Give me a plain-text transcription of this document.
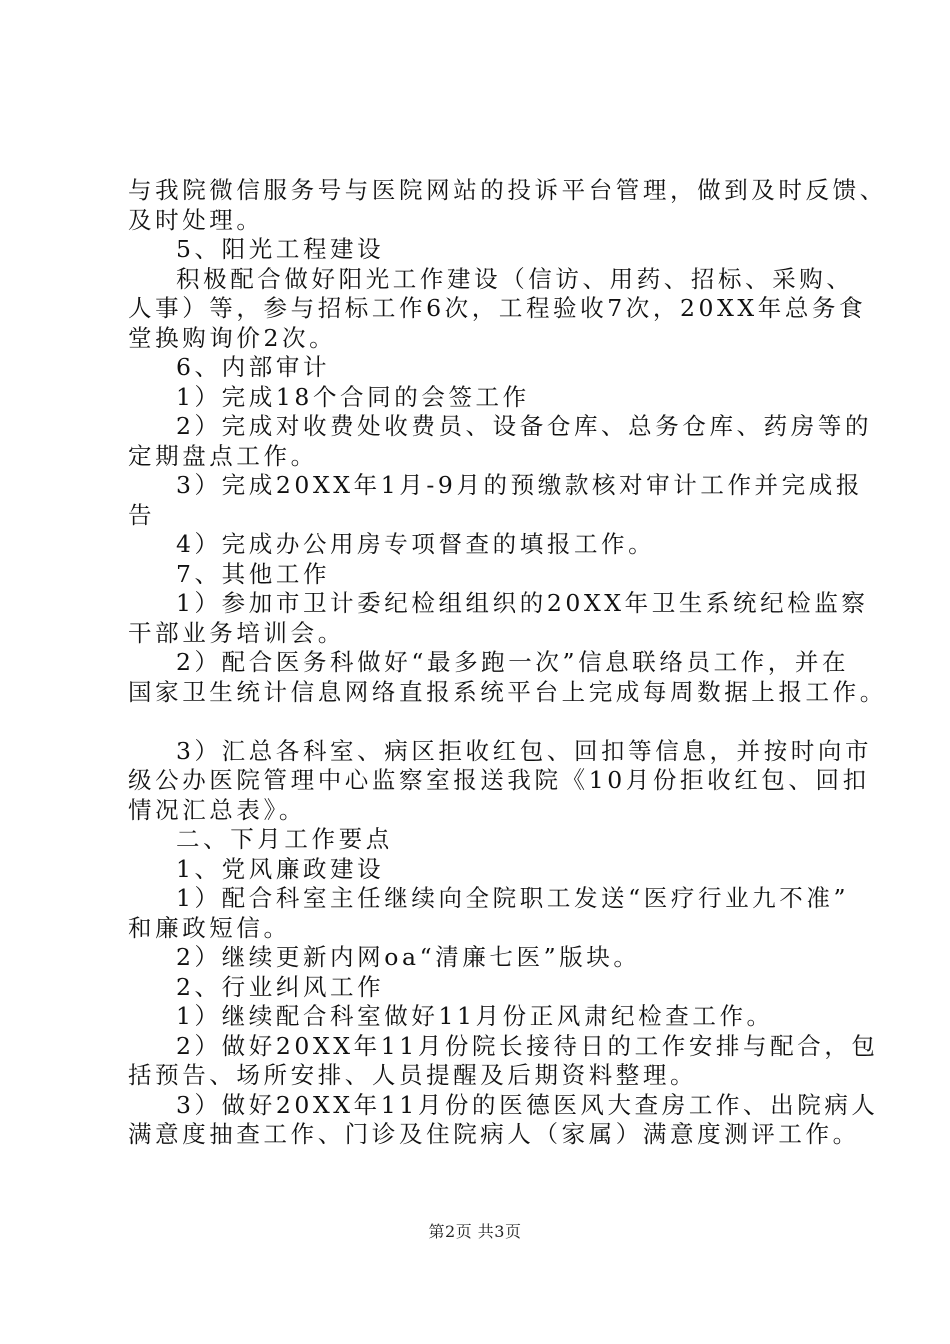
与我院微信服务号与医院网站的投诉平台管理，做到及时反馈、

及时处理。

5、阳光工程建设

积极配合做好阳光工作建设（信访、用药、招标、采购、

人事）等，参与招标工作6次，工程验收7次，20XX年总务食

堂换购询价2次。

6、内部审计

1）完成18个合同的会签工作

2）完成对收费处收费员、设备仓库、总务仓库、药房等的

定期盘点工作。

3）完成20XX年1月-9月的预缴款核对审计工作并完成报

告

4）完成办公用房专项督查的填报工作。

7、其他工作

1）参加市卫计委纪检组组织的20XX年卫生系统纪检监察

干部业务培训会。

2）配合医务科做好“最多跑一次”信息联络员工作，并在

国家卫生统计信息网络直报系统平台上完成每周数据上报工作。

3）汇总各科室、病区拒收红包、回扣等信息，并按时向市

级公办医院管理中心监察室报送我院《10月份拒收红包、回扣

情况汇总表》。

二、下月工作要点

1、党风廉政建设

1）配合科室主任继续向全院职工发送“医疗行业九不准”

和廉政短信。

2）继续更新内网oa“清廉七医”版块。

2、行业纠风工作

1）继续配合科室做好11月份正风肃纪检查工作。

2）做好20XX年11月份院长接待日的工作安排与配合，包

括预告、场所安排、人员提醒及后期资料整理。

3）做好20XX年11月份的医德医风大查房工作、出院病人

满意度抽查工作、门诊及住院病人（家属）满意度测评工作。

第2页 共3页
